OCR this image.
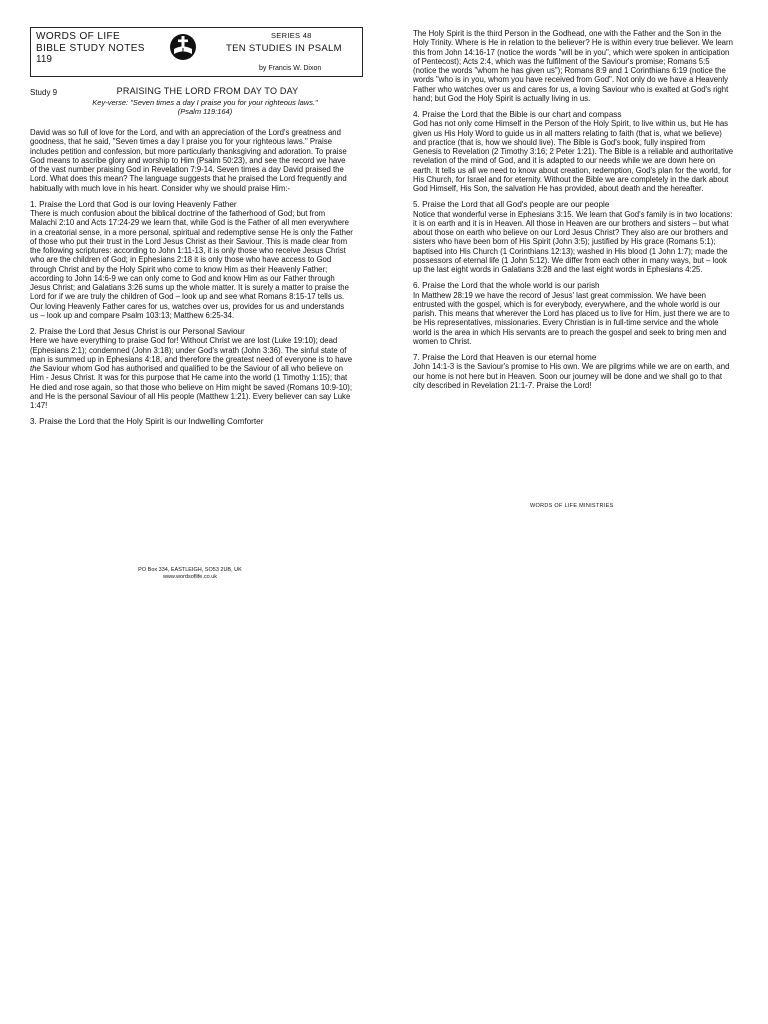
WORDS OF LIFE
BIBLE STUDY NOTES
119
SERIES 48
TEN STUDIES IN PSALM
by Francis W. Dixon
Study 9	PRAISING THE LORD FROM DAY TO DAY
Key-verse: "Seven times a day I praise you for your righteous laws." (Psalm 119:164)

David was so full of love for the Lord, and with an appreciation of the Lord's greatness and goodness, that he said, "Seven times a day I praise you for your righteous laws." Praise includes petition and confession, but more particularly thanksgiving and adoration. To praise God means to ascribe glory and worship to Him (Psalm 50:23), and see the record we have of the vast number praising God in Revelation 7:9-14. Seven times a day David praised the Lord. What does this mean? The language suggests that he praised the Lord frequently and habitually with much love in his heart. Consider why we should praise Him:-

1. Praise the Lord that God is our loving Heavenly Father

There is much confusion about the biblical doctrine of the fatherhood of God; but from Malachi 2:10 and Acts 17:24-29 we learn that, while God is the Father of all men everywhere in a creatorial sense, in a more personal, spiritual and redemptive sense He is only the Father of those who put their trust in the Lord Jesus Christ as their Saviour. This is made clear from the following scriptures: according to John 1:11-13, it is only those who receive Jesus Christ who are the children of God; in Ephesians 2:18 it is only those who have access to God through Christ and by the Holy Spirit who come to know Him as their Heavenly Father; according to John 14:6-9 we can only come to God and know Him as our Father through Jesus Christ; and Galatians 3:26 sums up the whole matter. It is surely a matter to praise the Lord for if we are truly the children of God – look up and see what Romans 8:15-17 tells us. Our loving Heavenly Father cares for us, watches over us, provides for us and understands us – look up and compare Psalm 103:13; Matthew 6:25-34.

2. Praise the Lord that Jesus Christ is our Personal Saviour

Here we have everything to praise God for! Without Christ we are lost (Luke 19:10); dead (Ephesians 2:1); condemned (John 3:18); under God's wrath (John 3:36). The sinful state of man is summed up in Ephesians 4:18, and therefore the greatest need of everyone is to have the Saviour whom God has authorised and qualified to be the Saviour of all who believe on Him - Jesus Christ. It was for this purpose that He came into the world (1 Timothy 1:15); that He died and rose again, so that those who believe on Him might be saved (Romans 10:9-10); and He is the personal Saviour of all His people (Matthew 1:21). Every believer can say Luke 1:47!

3. Praise the Lord that the Holy Spirit is our Indwelling Comforter

The Holy Spirit is the third Person in the Godhead, one with the Father and the Son in the Holy Trinity. Where is He in relation to the believer? He is within every true believer. We learn this from John 14:16-17 (notice the words "will be in you", which were spoken in anticipation of Pentecost); Acts 2:4, which was the fulfilment of the Saviour's promise; Romans 5:5 (notice the words "whom he has given us"); Romans 8:9 and 1 Corinthians 6:19 (notice the words "who is in you, whom you have received from God". Not only do we have a Heavenly Father who watches over us and cares for us, a loving Saviour who is exalted at God's right hand; but God the Holy Spirit is actually living in us.

4. Praise the Lord that the Bible is our chart and compass

God has not only come Himself in the Person of the Holy Spirit, to live within us, but He has given us His Holy Word to guide us in all matters relating to faith (that is, what we believe) and practice (that is, how we should live). The Bible is God's book, fully inspired from Genesis to Revelation (2 Timothy 3:16; 2 Peter 1:21). The Bible is a reliable and authoritative revelation of the mind of God, and it is adapted to our needs while we are down here on earth. It tells us all we need to know about creation, redemption, God's plan for the world, for His Church, for Israel and for eternity. Without the Bible we are completely in the dark about God Himself, His Son, the salvation He has provided, about death and the hereafter.

5. Praise the Lord that all God's people are our people

Notice that wonderful verse in Ephesians 3:15. We learn that God's family is in two locations: it is on earth and it is in Heaven. All those in Heaven are our brothers and sisters – but what about those on earth who believe on our Lord Jesus Christ? They also are our brothers and sisters who have been born of His Spirit (John 3:5); justified by His grace (Romans 5:1); baptised into His Church (1 Corinthians 12:13); washed in His blood (1 John 1:7); made the possessors of eternal life (1 John 5:12). We differ from each other in many ways, but – look up the last eight words in Galatians 3:28 and the last eight words in Ephesians 4:25.

6. Praise the Lord that the whole world is our parish

In Matthew 28:19 we have the record of Jesus' last great commission. We have been entrusted with the gospel, which is for everybody, everywhere, and the whole world is our parish. This means that wherever the Lord has placed us to live for Him, just there we are to be His representatives, missionaries. Every Christian is in full-time service and the whole world is the area in which His servants are to preach the gospel and seek to bring men and women to Christ.

7. Praise the Lord that Heaven is our eternal home

John 14:1-3 is the Saviour's promise to His own. We are pilgrims while we are on earth, and our home is not here but in Heaven. Soon our journey will be done and we shall go to that city described in Revelation 21:1-7. Praise the Lord!

WORDS OF LIFE MINISTRIES
PO Box 334, EASTLEIGH, SO53 2UB, UK
www.wordsoflife.co.uk
